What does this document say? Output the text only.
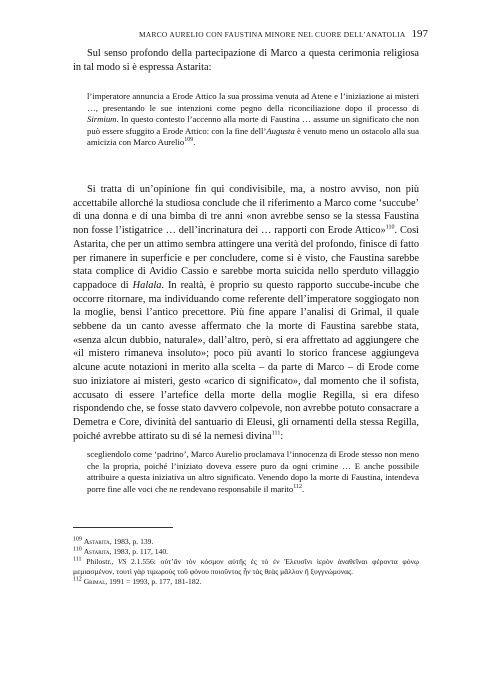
MARCO AURELIO CON FAUSTINA MINORE NEL CUORE DELL’ANATOLIA 197

Sul senso profondo della partecipazione di Marco a questa cerimonia religiosa in tal modo si è espressa Astarita:

l’imperatore annuncia a Erode Attico la sua prossima venuta ad Atene e l’iniziazione ai misteri …, presentando le sue intenzioni come pegno della riconciliazione dopo il processo di Sirmium. In questo contesto l’accenno alla morte di Faustina … assume un significato che non può essere sfuggito a Erode Attico: con la fine dell’Augusta è venuto meno un ostacolo alla sua amicizia con Marco Aurelio$^{109}$.

Si tratta di un’opinione fin qui condivisibile, ma, a nostro avviso, non più accettabile allorché la studiosa conclude che il riferimento a Marco come ‘succube’ di una donna e di una bimba di tre anni «non avrebbe senso se la stessa Faustina non fosse l’istigatrice … dell’incrinatura dei … rapporti con Erode Attico»$^{110}$. Così Astarita, che per un attimo sembra attingere una verità del profondo, finisce di fatto per rimanere in superficie e per concludere, come si è visto, che Faustina sarebbe stata complice di Avidio Cassio e sarebbe morta suicida nello sperduto villaggio cappadoce di Halala. In realtà, è proprio su questo rapporto succube-incube che occorre ritornare, ma individuando come referente dell’imperatore soggiogato non la moglie, bensì l’antico precettore. Più fine appare l’analisi di Grimal, il quale sebbene da un canto avesse affermato che la morte di Faustina sarebbe stata, «senza alcun dubbio, naturale», dall’altro, però, si era affrettato ad aggiungere che «il mistero rimaneva insoluto»; poco più avanti lo storico francese aggiungeva alcune acute notazioni in merito alla scelta – da parte di Marco – di Erode come suo iniziatore ai misteri, gesto «carico di significato», dal momento che il sofista, accusato di essere l’artefice della morte della moglie Regilla, si era difeso rispondendo che, se fosse stato davvero colpevole, non avrebbe potuto consacrare a Demetra e Core, divinità del santuario di Eleusi, gli ornamenti della stessa Regilla, poiché avrebbe attirato su di sé la nemesi divina$^{111}$:

scegliendolo come ‘padrino’, Marco Aurelio proclamava l’innocenza di Erode stesso non meno che la propria, poiché l’iniziato doveva essere puro da ogni crimine … E anche possibile attribuire a questa iniziativa un altro significato. Venendo dopo la morte di Faustina, intendeva porre fine alle voci che ne rendevano responsabile il marito$^{112}$.

$^{109}$ Astarita, 1983, p. 139.
$^{110}$ Astarita, 1983, p. 117, 140.
$^{111}$ Philostr., VS 2.1.556: οὐτ’ἂν τὸν κόσμον αὐτῆς ἐς τὸ ἐν Ἐλευσῖνι ἱερὸν ἀναθεῖναι φέροντα φόνῳ μεμιασμένον, τουτὶ γὰρ τιμωροὺς τοῦ φόνου ποιοῦντος ἦν τὰς θεὰς μᾶλλον ἢ ξυγγνώμονας.
$^{112}$ Grimal, 1991 = 1993, p. 177, 181-182.
